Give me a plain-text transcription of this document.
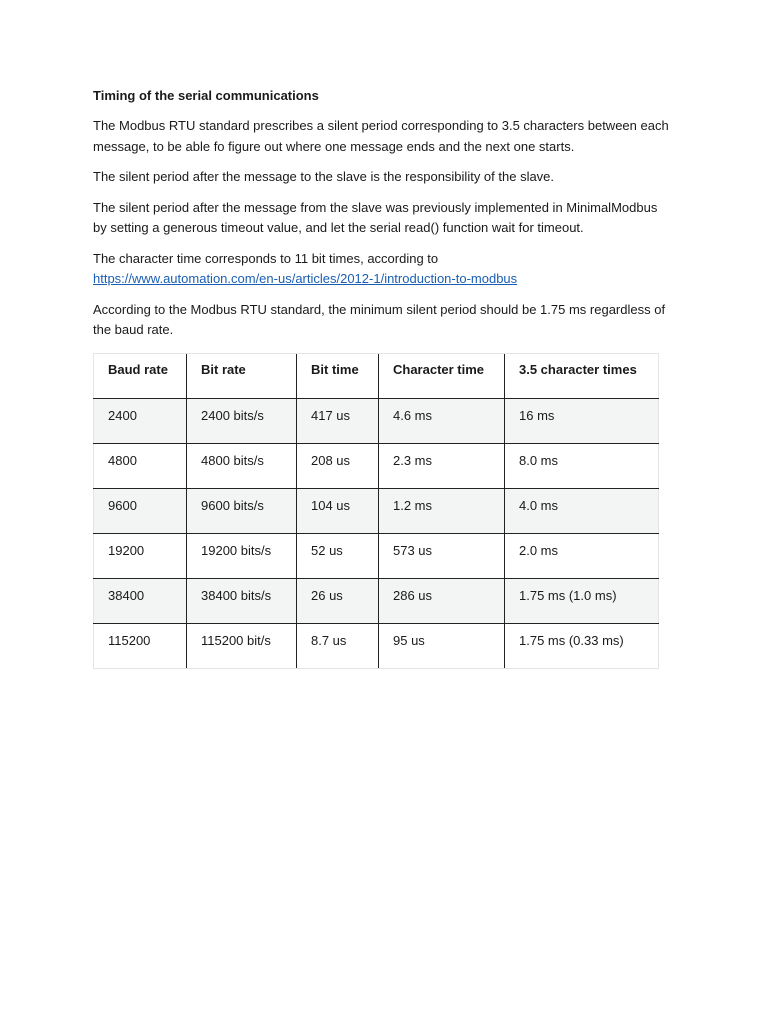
Timing of the serial communications

The Modbus RTU standard prescribes a silent period corresponding to 3.5 characters between each message, to be able fo figure out where one message ends and the next one starts.

The silent period after the message to the slave is the responsibility of the slave.

The silent period after the message from the slave was previously implemented in MinimalModbus by setting a generous timeout value, and let the serial read() function wait for timeout.

The character time corresponds to 11 bit times, according to
https://www.automation.com/en-us/articles/2012-1/introduction-to-modbus

According to the Modbus RTU standard, the minimum silent period should be 1.75 ms regardless of the baud rate.

Baud rate	Bit rate	Bit time	Character time	3.5 character times
2400	2400 bits/s	417 us	4.6 ms	16 ms
4800	4800 bits/s	208 us	2.3 ms	8.0 ms
9600	9600 bits/s	104 us	1.2 ms	4.0 ms
19200	19200 bits/s	52 us	573 us	2.0 ms
38400	38400 bits/s	26 us	286 us	1.75 ms (1.0 ms)
115200	115200 bit/s	8.7 us	95 us	1.75 ms (0.33 ms)
